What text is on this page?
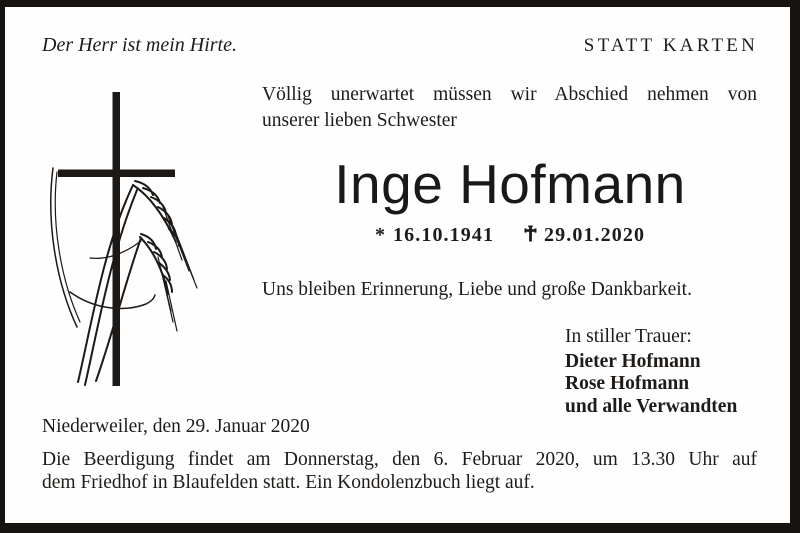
Der Herr ist mein Hirte.	STATT KARTEN
Völlig unerwartet müssen wir Abschied nehmen von
unserer lieben Schwester
Inge Hofmann
* 16.10.1941	29.01.2020
Uns bleiben Erinnerung, Liebe und große Dankbarkeit.
In stiller Trauer:
Dieter Hofmann
Rose Hofmann
und alle Verwandten
Niederweiler, den 29. Januar 2020
Die Beerdigung findet am Donnerstag, den 6. Februar 2020, um 13.30 Uhr auf
dem Friedhof in Blaufelden statt. Ein Kondolenzbuch liegt auf.
